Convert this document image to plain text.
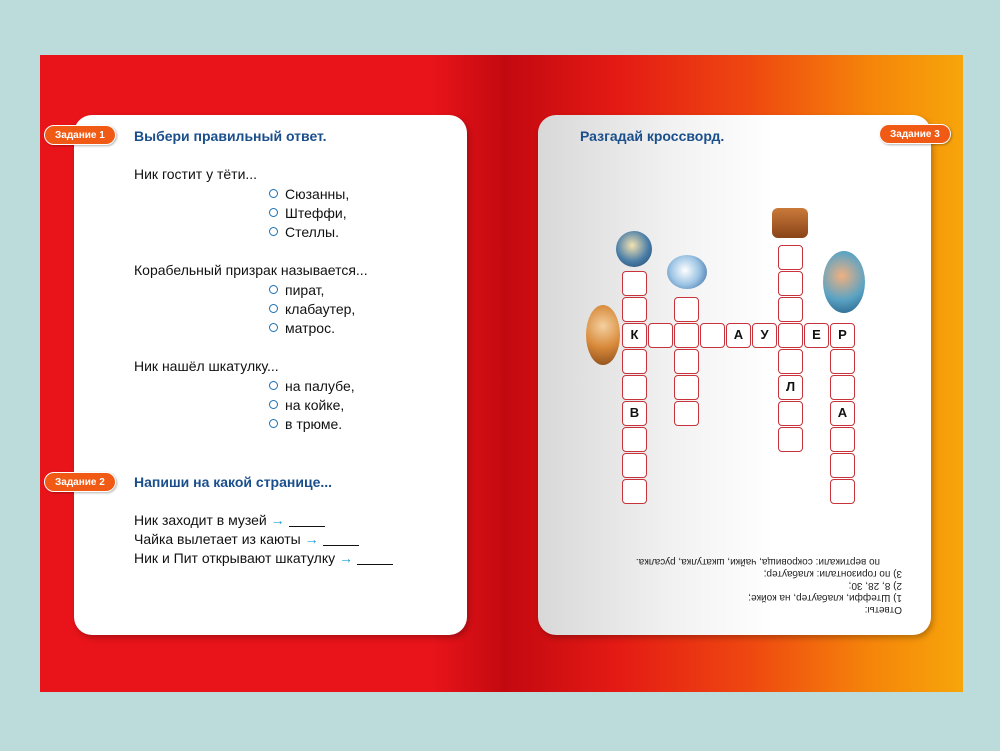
Задание 1	Выбери правильный ответ.
Ник гостит у тёти...
Сюзанны,
Штеффи,
Стеллы.
Корабельный призрак называется...
пират,
клабаутер,
матрос.
Ник нашёл шкатулку...
на палубе,
на койке,
в трюме.
Задание 2	Напиши на какой странице...
Ник заходит в музей →
Чайка вылетает из каюты →
Ник и Пит открывают шкатулку →
Разгадай кроссворд.	Задание 3
К	А	У	Е	Р
В
Л
А
Ответы:
1) Штеффи, клабаутер, на койке;
2) 8, 28, 30;
3) по горизонтали: клабаутер;
по вертикали: сокровища, чайки, шкатулка, русалка.
